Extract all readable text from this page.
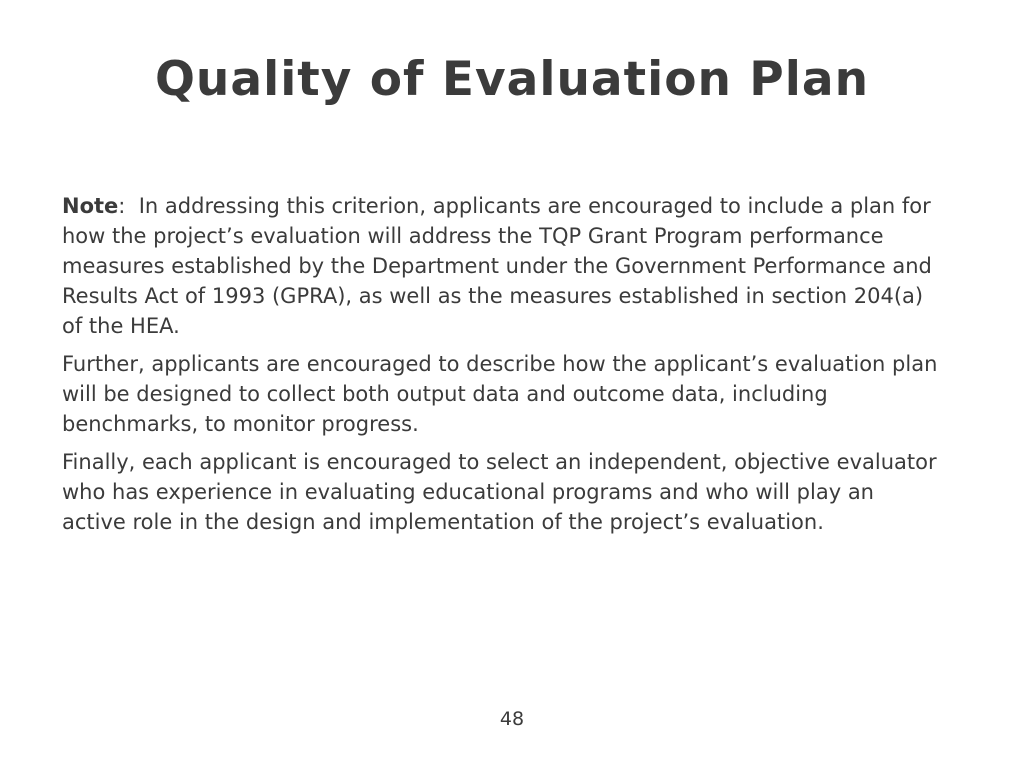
Quality of Evaluation Plan

Note: In addressing this criterion, applicants are encouraged to include a plan for how the project’s evaluation will address the TQP Grant Program performance measures established by the Department under the Government Performance and Results Act of 1993 (GPRA), as well as the measures established in section 204(a) of the HEA.

Further, applicants are encouraged to describe how the applicant’s evaluation plan will be designed to collect both output data and outcome data, including benchmarks, to monitor progress.

Finally, each applicant is encouraged to select an independent, objective evaluator who has experience in evaluating educational programs and who will play an active role in the design and implementation of the project’s evaluation.

48
